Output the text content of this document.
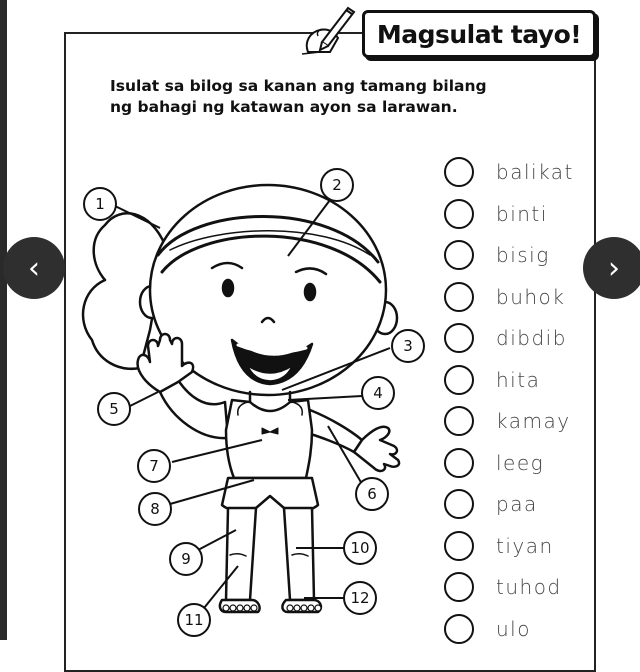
Magsulat tayo!
Isulat sa bilog sa kanan ang tamang bilang
ng bahagi ng katawan ayon sa larawan.
1
2
3
4
5
6
7
8
9
10
11
12
balikat
binti
bisig
buhok
dibdib
hita
kamay
leeg
paa
tiyan
tuhod
ulo
‹	›
